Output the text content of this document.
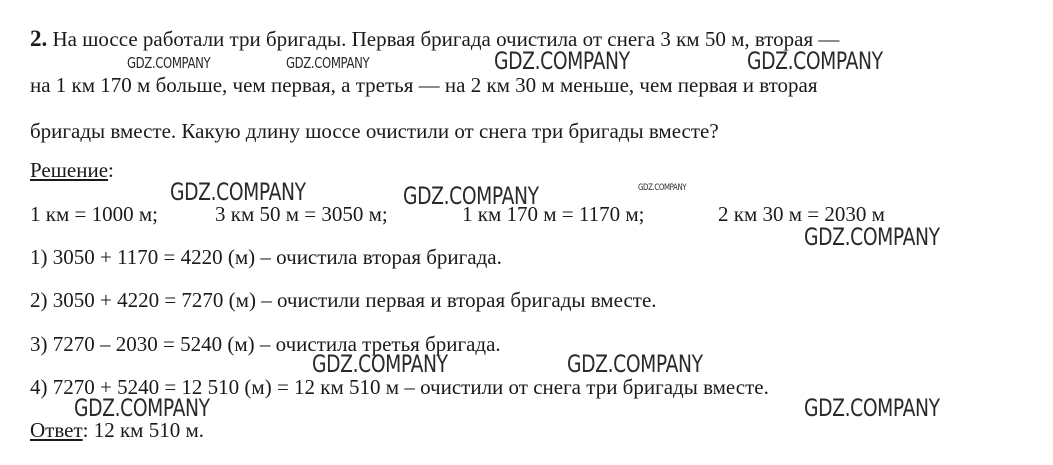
2. На шоссе работали три бригады. Первая бригада очистила от снега 3 км 50 м, вторая —
на 1 км 170 м больше, чем первая, а третья — на 2 км 30 м меньше, чем первая и вторая
бригады вместе. Какую длину шоссе очистили от снега три бригады вместе?
Решение:
1 км = 1000 м;	3 км 50 м = 3050 м;	1 км 170 м = 1170 м;	2 км 30 м = 2030 м
1) 3050 + 1170 = 4220 (м) – очистила вторая бригада.
2) 3050 + 4220 = 7270 (м) – очистили первая и вторая бригады вместе.
3) 7270 – 2030 = 5240 (м) – очистила третья бригада.
4) 7270 + 5240 = 12 510 (м) = 12 км 510 м – очистили от снега три бригады вместе.
Ответ: 12 км 510 м.
GDZ.COMPANY	GDZ.COMPANY	GDZ.COMPANY	GDZ.COMPANY
GDZ.COMPANY	GDZ.COMPANY	GDZ.COMPANY
GDZ.COMPANY
GDZ.COMPANY	GDZ.COMPANY
GDZ.COMPANY	GDZ.COMPANY
